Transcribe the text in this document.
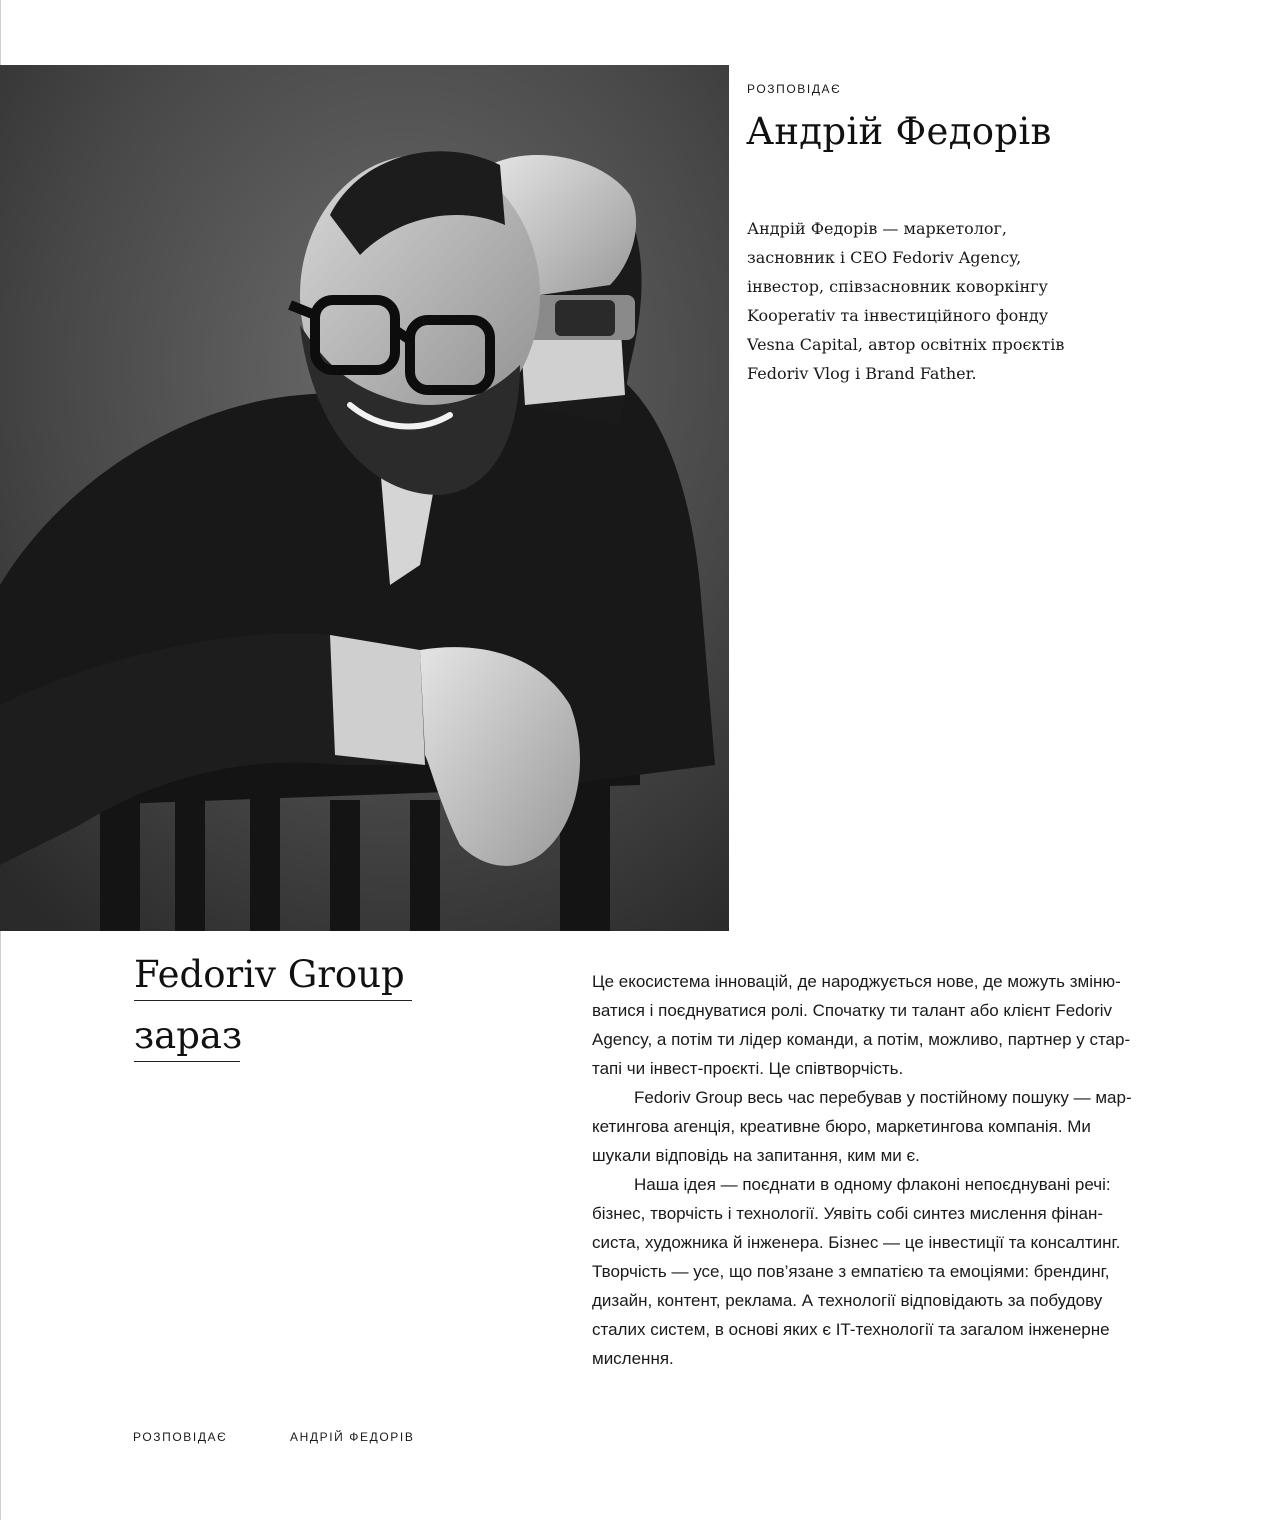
РОЗПОВІДАЄ
Андрій Федорів

Андрій Федорів — маркетолог,
засновник і CEO Fedoriv Agency,
інвестор, співзасновник коворкінгу
Kooperativ та інвестиційного фонду
Vesna Capital, автор освітніх проєктів
Fedoriv Vlog і Brand Father.

Fedoriv Group
зараз

Це екосистема інновацій, де народжується нове, де можуть зміню-
ватися і поєднуватися ролі. Спочатку ти талант або клієнт Fedoriv
Agency, а потім ти лідер команди, а потім, можливо, партнер у стар-
тапі чи інвест-проєкті. Це співтворчість.

Fedoriv Group весь час перебував у постійному пошуку — мар-
кетингова агенція, креативне бюро, маркетингова компанія. Ми
шукали відповідь на запитання, ким ми є.

Наша ідея — поєднати в одному флаконі непоєднувані речі:
бізнес, творчість і технології. Уявіть собі синтез мислення фінан-
систа, художника й інженера. Бізнес — це інвестиції та консалтинг.
Творчість — усе, що пов’язане з емпатією та емоціями: брендинг,
дизайн, контент, реклама. А технології відповідають за побудову
сталих систем, в основі яких є IT-технології та загалом інженерне
мислення.

РОЗПОВІДАЄ	АНДРІЙ ФЕДОРІВ
